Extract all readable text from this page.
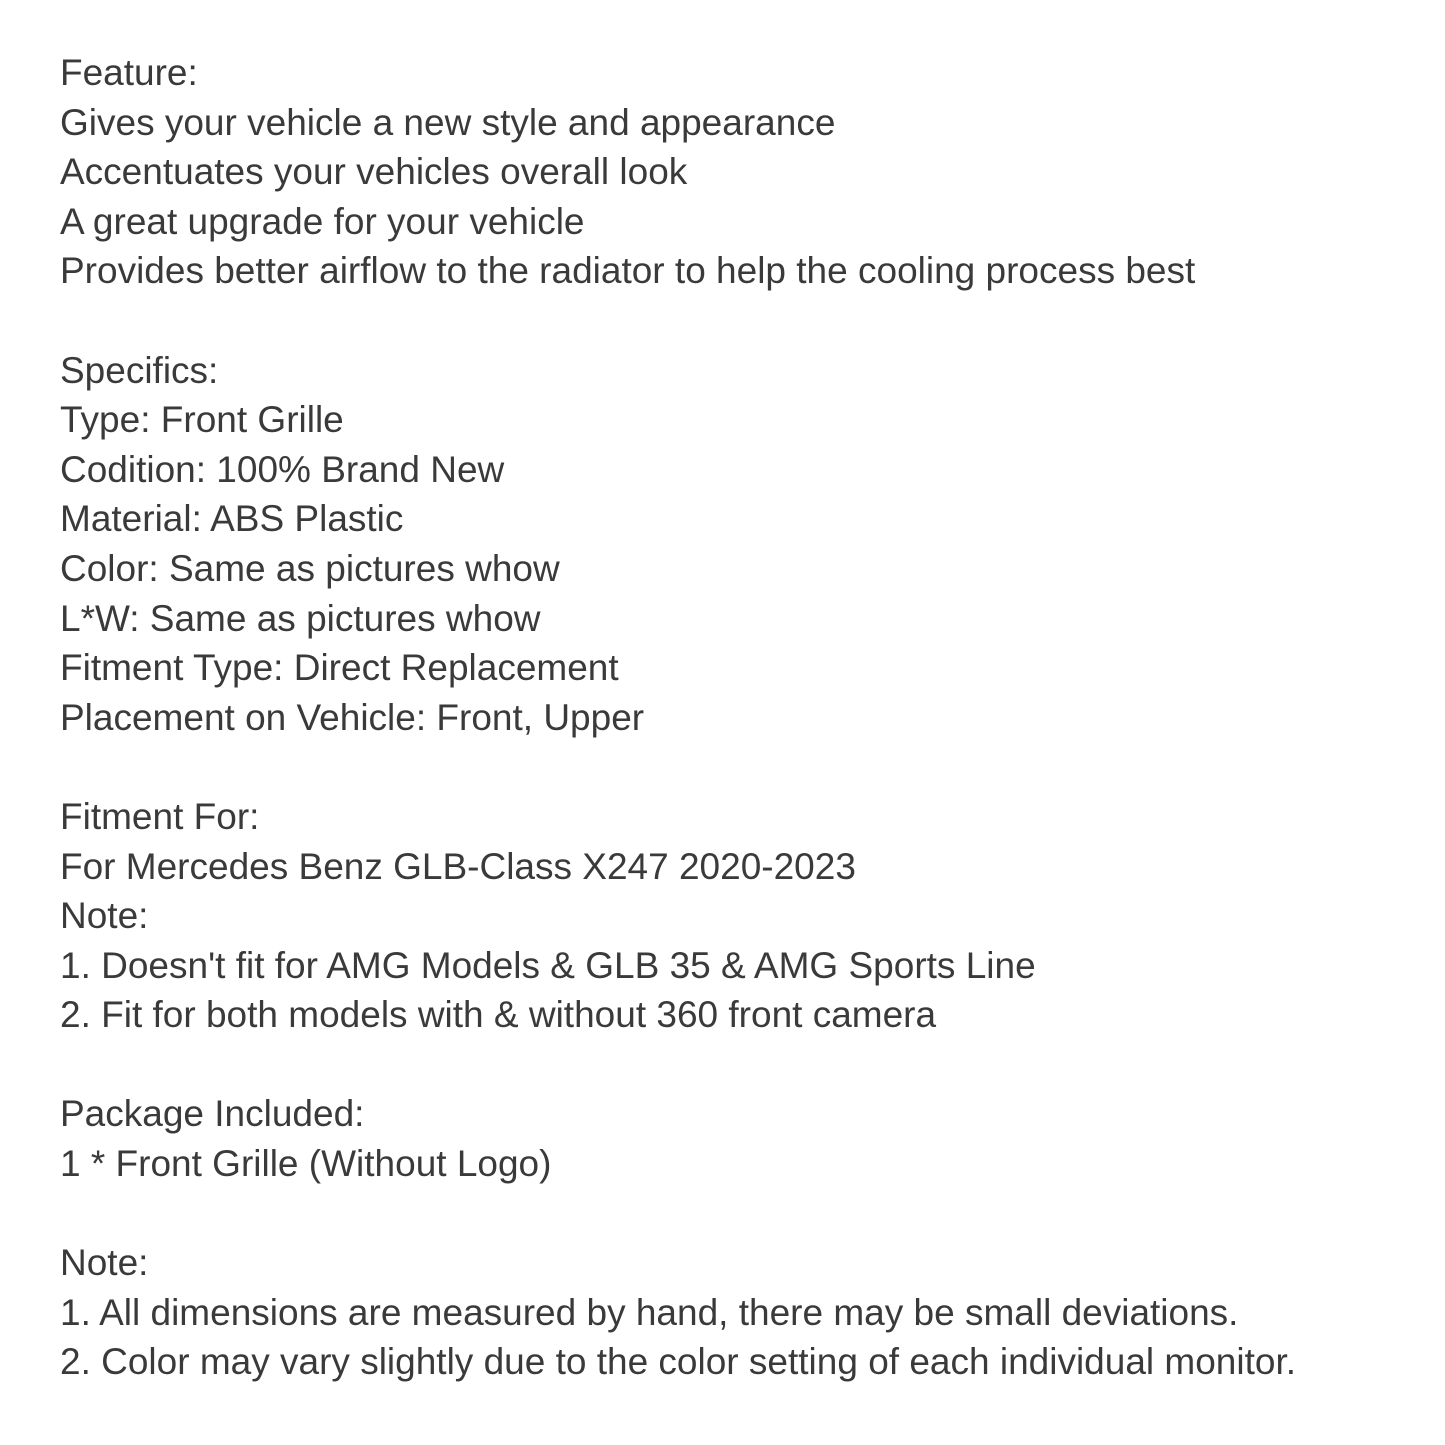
Feature:
Gives your vehicle a new style and appearance
Accentuates your vehicles overall look
A great upgrade for your vehicle
Provides better airflow to the radiator to help the cooling process best
Specifics:
Type: Front Grille
Codition: 100% Brand New
Material: ABS Plastic
Color: Same as pictures whow
L*W: Same as pictures whow
Fitment Type: Direct Replacement
Placement on Vehicle: Front, Upper
Fitment For:
For Mercedes Benz GLB-Class X247 2020-2023
Note:
1. Doesn't fit for AMG Models & GLB 35 & AMG Sports Line
2. Fit for both models with & without 360 front camera
Package Included:
1 * Front Grille (Without Logo)
Note:
1. All dimensions are measured by hand, there may be small deviations.
2. Color may vary slightly due to the color setting of each individual monitor.
